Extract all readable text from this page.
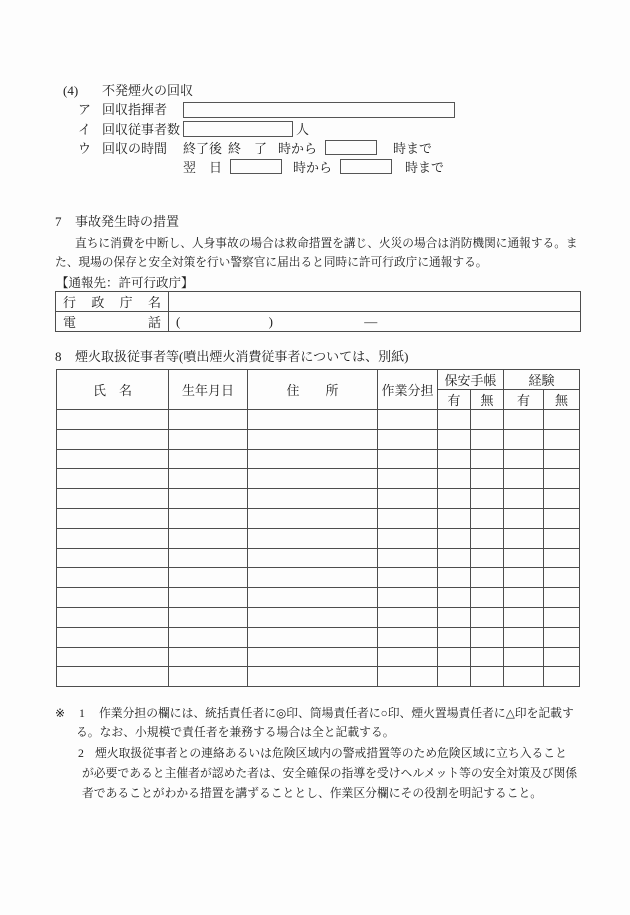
(4) 不発煙火の回収
ア 回収指揮者
イ 回収従事者数	人
ウ 回収の時間 終了後 終　了 時から	時まで
翌　日	時から	時まで
7 事故発生時の措置
直ちに消費を中断し、人身事故の場合は救命措置を講じ、火災の場合は消防機関に通報する。ま
た、現場の保存と安全対策を行い警察官に届出ると同時に許可行政庁に通報する。
【通報先：許可行政庁】
行政庁名	
電話	( ) ―
8 煙火取扱従事者等(噴出煙火消費従事者については、別紙)
氏　名	生年月日	住　　所	作業分担	保安手帳		経験	
				有	無	有	無

※ 1 作業分担の欄には、統括責任者に◎印、筒場責任者に○印、煙火置場責任者に△印を記載す
る。なお、小規模で責任者を兼務する場合は全と記載する。
2 煙火取扱従事者との連絡あるいは危険区域内の警戒措置等のため危険区域に立ち入ること
が必要であると主催者が認めた者は、安全確保の指導を受けヘルメット等の安全対策及び関係
者であることがわかる措置を講ずることとし、作業区分欄にその役割を明記すること。
